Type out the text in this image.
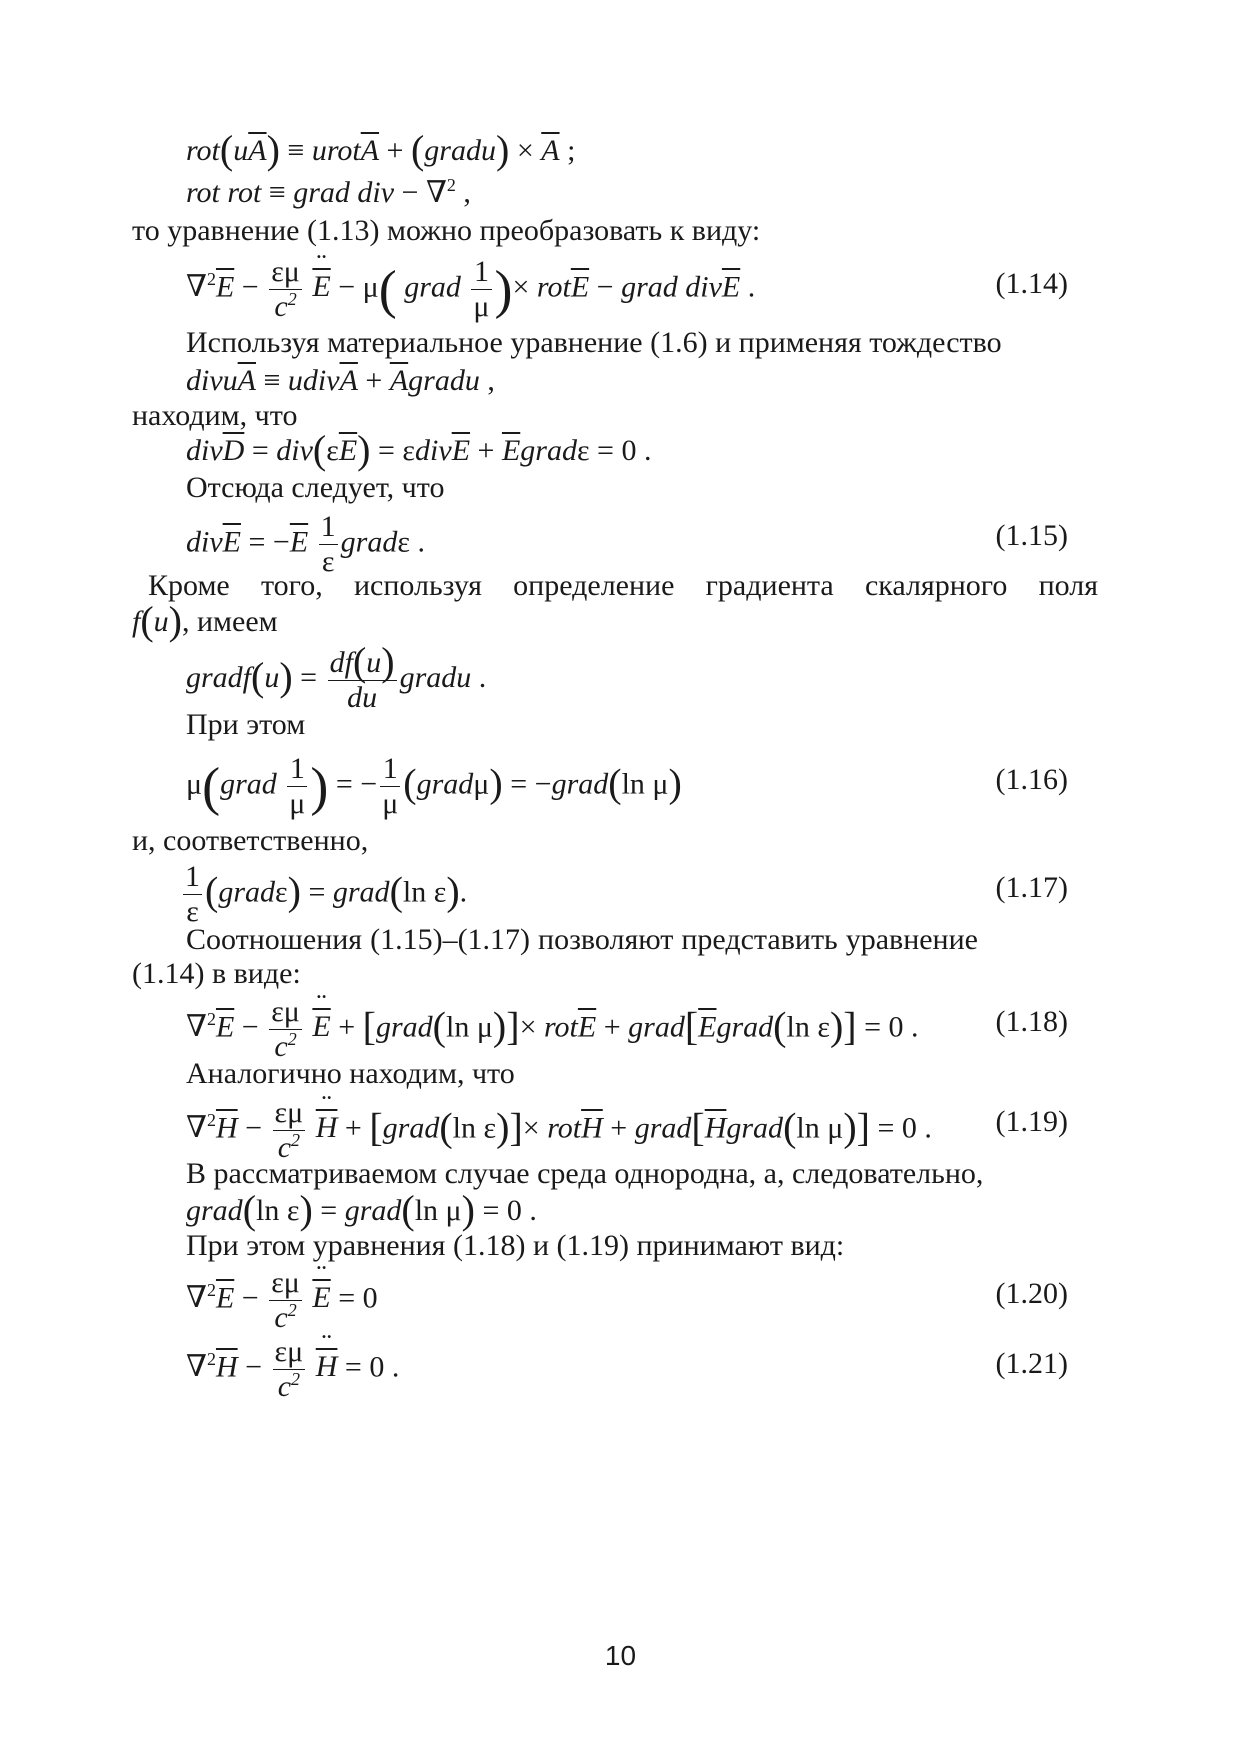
$rot(u\overline{A})$ ≡ $urot\overline{A}$ + (gradu) × $\overline{A}$ ;
rot rot ≡ grad div − ∇$^2$ ,
то уравнение (1.13) можно преобразовать к виду:
$\nabla^2\overline{E} - \frac{\varepsilon\mu}{c^2}$ ¨ $\overline{E} - \mu$( grad $\frac{1}{\mu}$ )× $rot\overline{E}$ − grad $div\overline{E}$ .	(1.14)
Используя материальное уравнение (1.6) и применяя тождество
$divu\overline{A}$ ≡ $udiv\overline{A}$ + $\overline{A}gradu$ ,
находим, что
$div\overline{D} = div(\varepsilon\overline{E}) = \varepsilon div\overline{E}$ + $\overline{E}grad\varepsilon = 0$ .
Отсюда следует, что
$div\overline{E} = -\overline{E} \frac{1}{\varepsilon}$ gradε .	(1.15)
Кроме того, используя определение градиента скалярного поля
f(u), имеем
gradf(u) = $\frac{df(u)}{du}$ gradu .
При этом
μ(grad $\frac{1}{\mu}$ ) = − $\frac{1}{\mu}$ (gradμ) = −grad(ln μ)	(1.16)
и, соответственно,
$\frac{1}{\varepsilon}$ (gradε) = grad(ln ε).	(1.17)
Соотношения (1.15)–(1.17) позволяют представить уравнение
(1.14) в виде:
$\nabla^2\overline{E} - \frac{\varepsilon\mu}{c^2}$ ¨ $\overline{E}$ + [grad(ln $\mu)]\times rot\overline{E}$ + $grad[\overline{E}grad(\ln$ ε)] = 0 .	(1.18)
Аналогично находим, что
$\nabla^2\overline{H} - \frac{\varepsilon\mu}{c^2}$ ¨ $\overline{H}$ + [grad(ln $\varepsilon)]\times rot\overline{H}$ + $grad[\overline{H}grad(\ln$ μ)] = 0 . (1.19)
В рассматриваемом случае среда однородна, а, следовательно,
grad(ln ε) = grad(ln μ) = 0 .
При этом уравнения (1.18) и (1.19) принимают вид:
$\nabla^2\overline{E} - \frac{\varepsilon\mu}{c^2}$ ¨ $\overline{E} = 0$	(1.20)
$\nabla^2\overline{H} - \frac{\varepsilon\mu}{c^2}$ ¨ $\overline{H} = 0$ .	(1.21)
10
